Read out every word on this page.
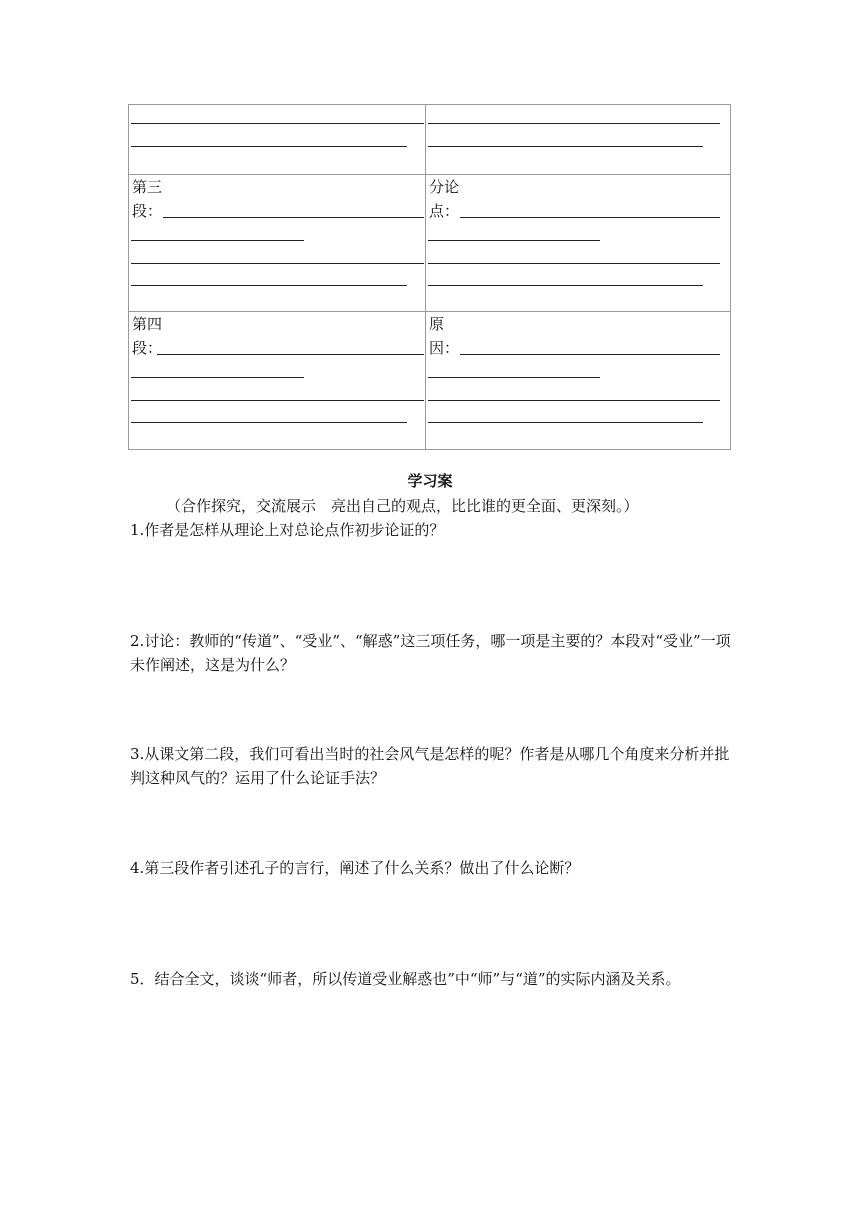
第三
段：
分论
点：
第四
段：
原
因：
学习案
（合作探究，交流展示　亮出自己的观点，比比谁的更全面、更深刻。）
1.作者是怎样从理论上对总论点作初步论证的？
2.讨论：教师的“传道”、“受业”、“解惑”这三项任务，哪一项是主要的？本段对“受业”一项未作阐述，这是为什么？
3.从课文第二段，我们可看出当时的社会风气是怎样的呢？作者是从哪几个角度来分析并批判这种风气的？运用了什么论证手法？
4.第三段作者引述孔子的言行，阐述了什么关系？做出了什么论断？
5．结合全文，谈谈“师者，所以传道受业解惑也”中“师”与“道”的实际内涵及关系。
